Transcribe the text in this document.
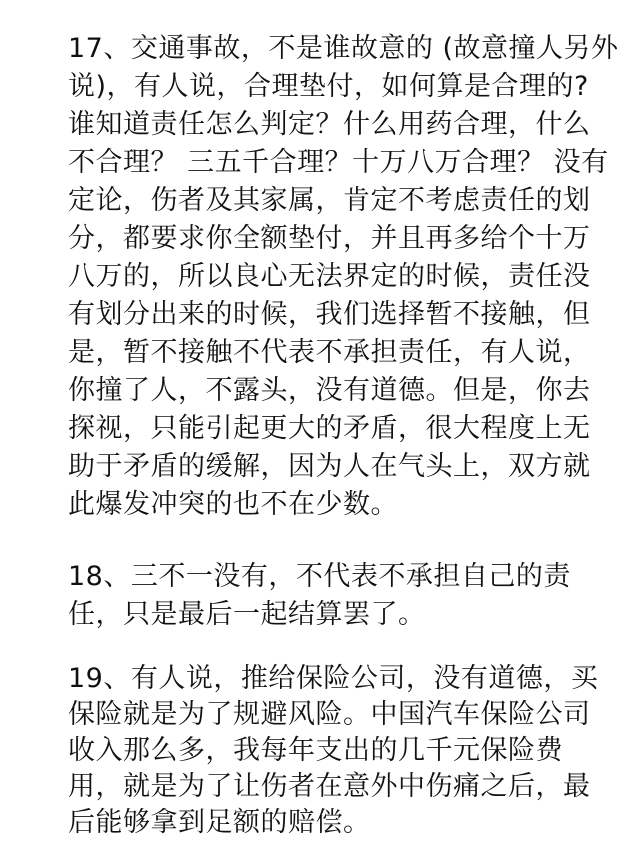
17、交通事故，不是谁故意的 (故意撞人另外

说)，有人说，合理垫付，如何算是合理的?

谁知道责任怎么判定？什么用药合理，什么

不合理？ 三五千合理？十万八万合理？ 没有

定论，伤者及其家属，肯定不考虑责任的划

分，都要求你全额垫付，并且再多给个十万

八万的，所以良心无法界定的时候，责任没

有划分出来的时候，我们选择暂不接触，但

是，暂不接触不代表不承担责任，有人说，

你撞了人，不露头，没有道德。但是，你去

探视，只能引起更大的矛盾，很大程度上无

助于矛盾的缓解，因为人在气头上，双方就

此爆发冲突的也不在少数。

18、三不一没有，不代表不承担自己的责

任，只是最后一起结算罢了。

19、有人说，推给保险公司，没有道德，买

保险就是为了规避风险。中国汽车保险公司

收入那么多，我每年支出的几千元保险费

用，就是为了让伤者在意外中伤痛之后，最

后能够拿到足额的赔偿。
